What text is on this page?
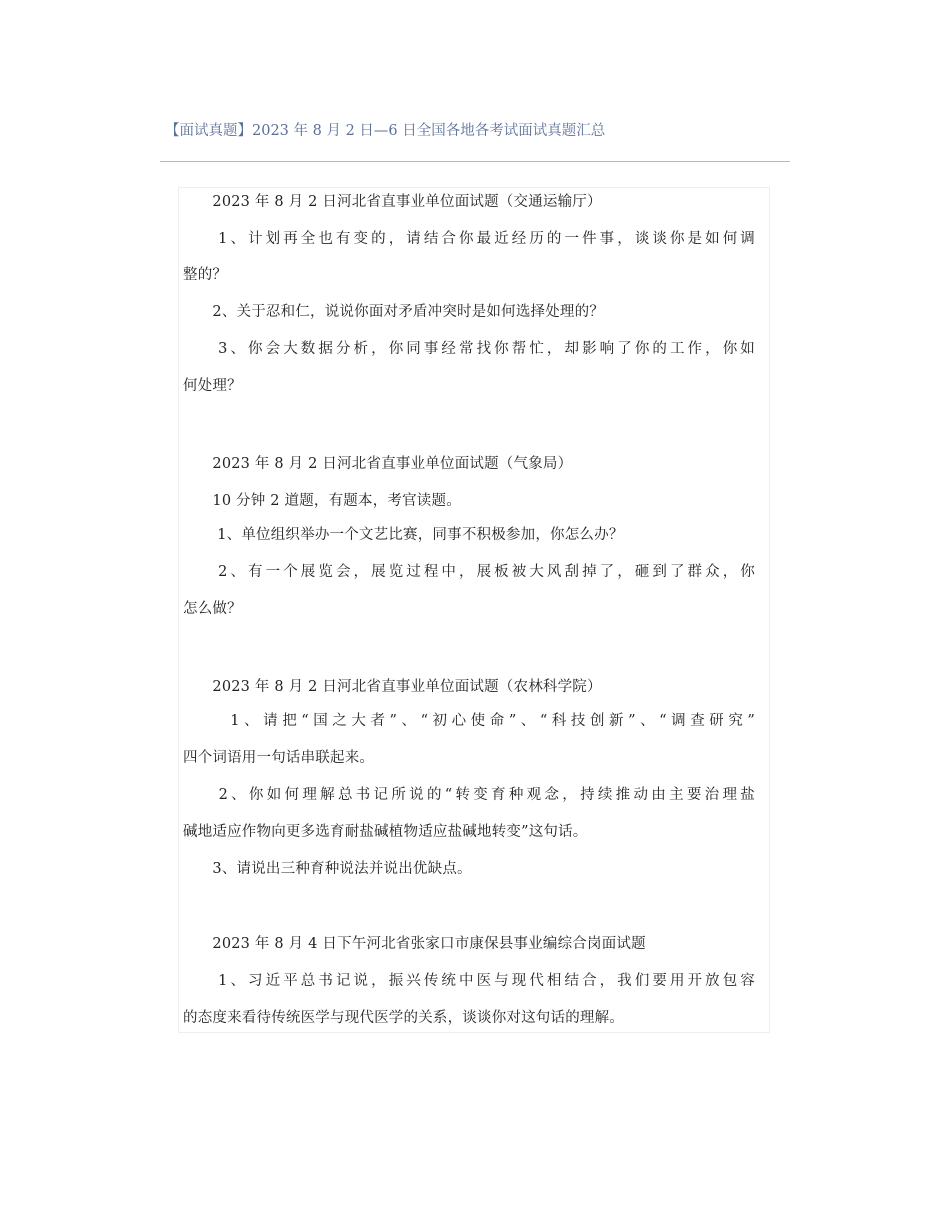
【面试真题】2023 年 8 月 2 日—6 日全国各地各考试面试真题汇总
　　2023 年 8 月 2 日河北省直事业单位面试题（交通运输厅）
　　1、计划再全也有变的，请结合你最近经历的一件事，谈谈你是如何调
整的？
　　2、关于忍和仁，说说你面对矛盾冲突时是如何选择处理的？
　　3、你会大数据分析，你同事经常找你帮忙，却影响了你的工作，你如
何处理？
　　2023 年 8 月 2 日河北省直事业单位面试题（气象局）
　　10 分钟 2 道题，有题本，考官读题。
　　 1、单位组织举办一个文艺比赛，同事不积极参加，你怎么办？
　　2、有一个展览会，展览过程中，展板被大风刮掉了，砸到了群众，你
怎么做？
　　2023 年 8 月 2 日河北省直事业单位面试题（农林科学院）
　　 1、请把“国之大者”、“初心使命”、“科技创新”、“调查研究”
四个词语用一句话串联起来。
　　2、你如何理解总书记所说的“转变育种观念，持续推动由主要治理盐
碱地适应作物向更多选育耐盐碱植物适应盐碱地转变”这句话。
　　3、请说出三种育种说法并说出优缺点。
　　2023 年 8 月 4 日下午河北省张家口市康保县事业编综合岗面试题
　　1、习近平总书记说，振兴传统中医与现代相结合，我们要用开放包容
的态度来看待传统医学与现代医学的关系，谈谈你对这句话的理解。
